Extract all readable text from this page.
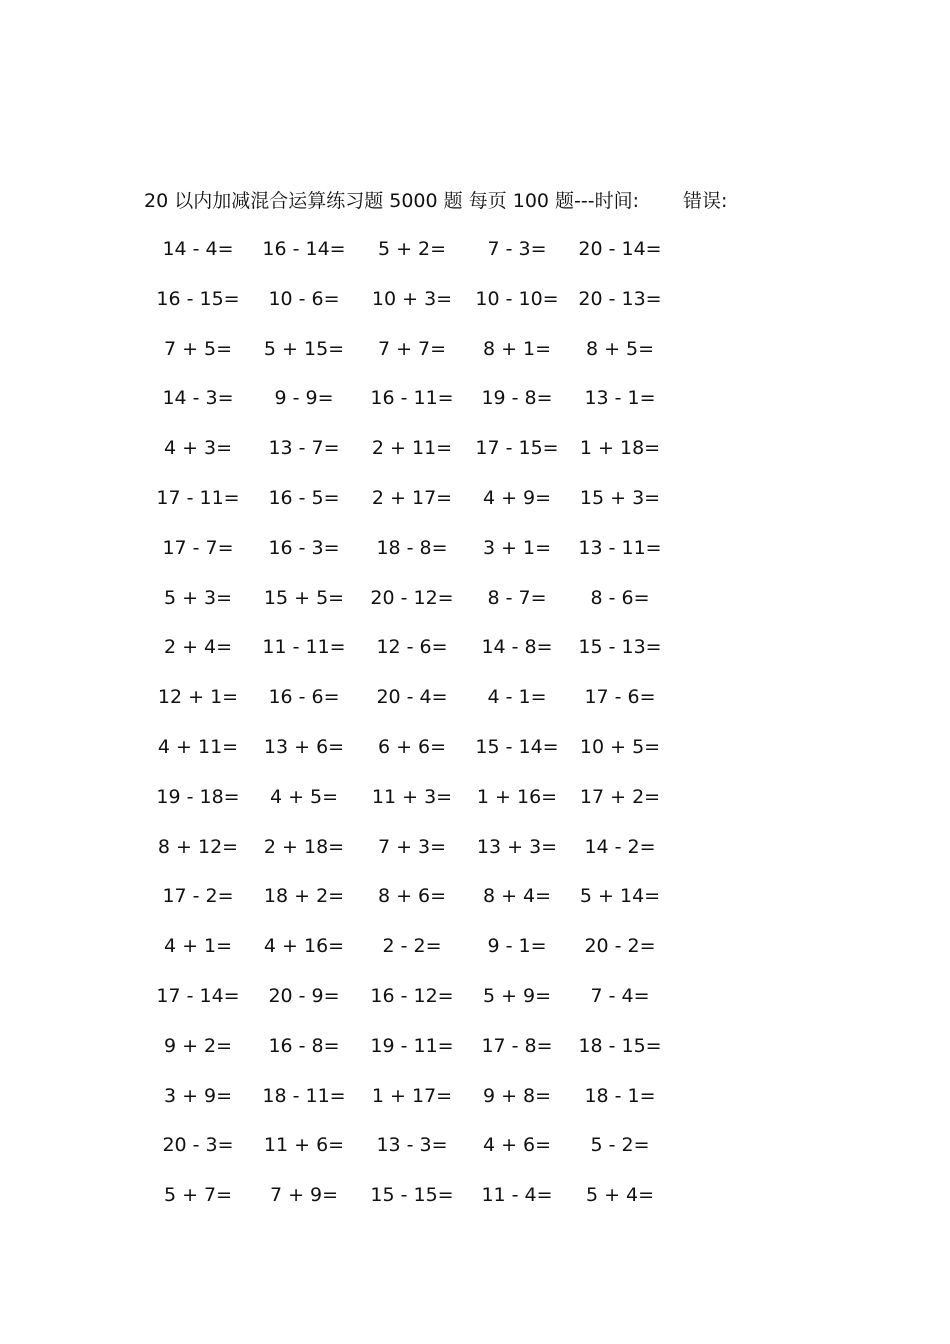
20 以内加减混合运算练习题 5000 题 每页 100 题---时间: 错误:
14 - 4=	16 - 14=	5 + 2=	7 - 3=	20 - 14=
16 - 15=	10 - 6=	10 + 3=	10 - 10=	20 - 13=
7 + 5=	5 + 15=	7 + 7=	8 + 1=	8 + 5=
14 - 3=	9 - 9=	16 - 11=	19 - 8=	13 - 1=
4 + 3=	13 - 7=	2 + 11=	17 - 15=	1 + 18=
17 - 11=	16 - 5=	2 + 17=	4 + 9=	15 + 3=
17 - 7=	16 - 3=	18 - 8=	3 + 1=	13 - 11=
5 + 3=	15 + 5=	20 - 12=	8 - 7=	8 - 6=
2 + 4=	11 - 11=	12 - 6=	14 - 8=	15 - 13=
12 + 1=	16 - 6=	20 - 4=	4 - 1=	17 - 6=
4 + 11=	13 + 6=	6 + 6=	15 - 14=	10 + 5=
19 - 18=	4 + 5=	11 + 3=	1 + 16=	17 + 2=
8 + 12=	2 + 18=	7 + 3=	13 + 3=	14 - 2=
17 - 2=	18 + 2=	8 + 6=	8 + 4=	5 + 14=
4 + 1=	4 + 16=	2 - 2=	9 - 1=	20 - 2=
17 - 14=	20 - 9=	16 - 12=	5 + 9=	7 - 4=
9 + 2=	16 - 8=	19 - 11=	17 - 8=	18 - 15=
3 + 9=	18 - 11=	1 + 17=	9 + 8=	18 - 1=
20 - 3=	11 + 6=	13 - 3=	4 + 6=	5 - 2=
5 + 7=	7 + 9=	15 - 15=	11 - 4=	5 + 4=
